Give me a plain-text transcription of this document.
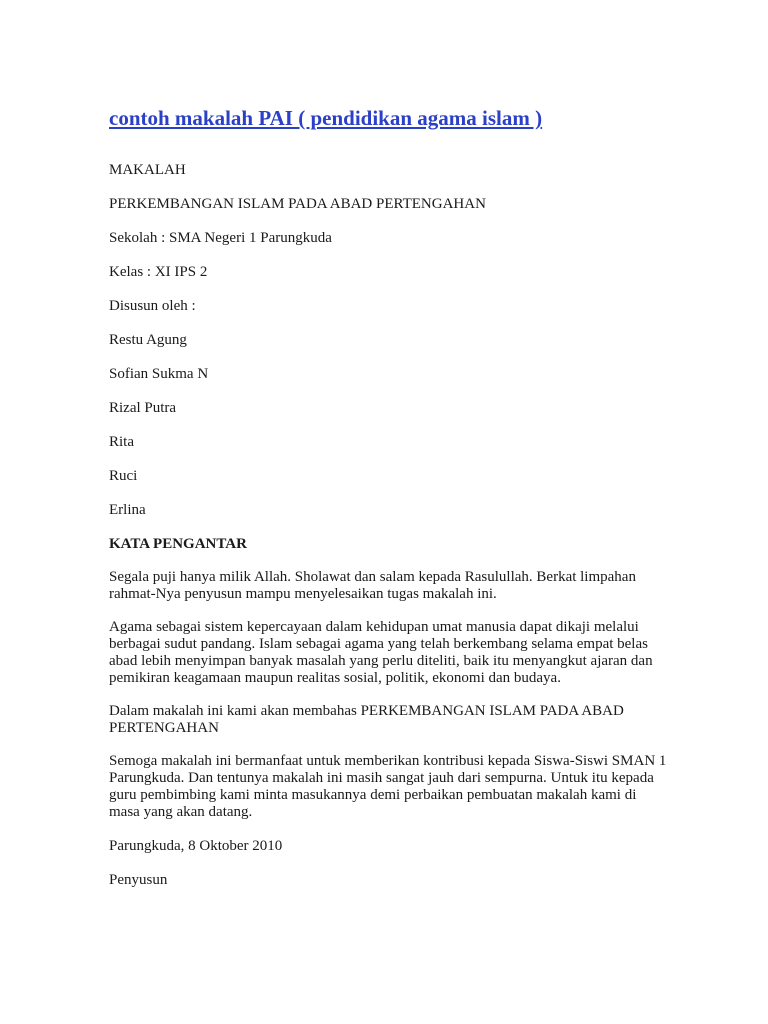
contoh makalah PAI ( pendidikan agama islam )
MAKALAH
PERKEMBANGAN ISLAM PADA ABAD PERTENGAHAN
Sekolah : SMA Negeri 1 Parungkuda
Kelas : XI IPS 2
Disusun oleh :
Restu Agung
Sofian Sukma N
Rizal Putra
Rita
Ruci
Erlina
KATA PENGANTAR

Segala puji hanya milik Allah. Sholawat dan salam kepada Rasulullah. Berkat limpahan rahmat-Nya penyusun mampu menyelesaikan tugas makalah ini.

Agama sebagai sistem kepercayaan dalam kehidupan umat manusia dapat dikaji melalui berbagai sudut pandang. Islam sebagai agama yang telah berkembang selama empat belas abad lebih menyimpan banyak masalah yang perlu diteliti, baik itu menyangkut ajaran dan pemikiran keagamaan maupun realitas sosial, politik, ekonomi dan budaya.

Dalam makalah ini kami akan membahas PERKEMBANGAN ISLAM PADA ABAD PERTENGAHAN

Semoga makalah ini bermanfaat untuk memberikan kontribusi kepada Siswa-Siswi SMAN 1 Parungkuda. Dan tentunya makalah ini masih sangat jauh dari sempurna. Untuk itu kepada guru pembimbing kami minta masukannya demi perbaikan pembuatan makalah kami di masa yang akan datang.

Parungkuda, 8 Oktober 2010
Penyusun
